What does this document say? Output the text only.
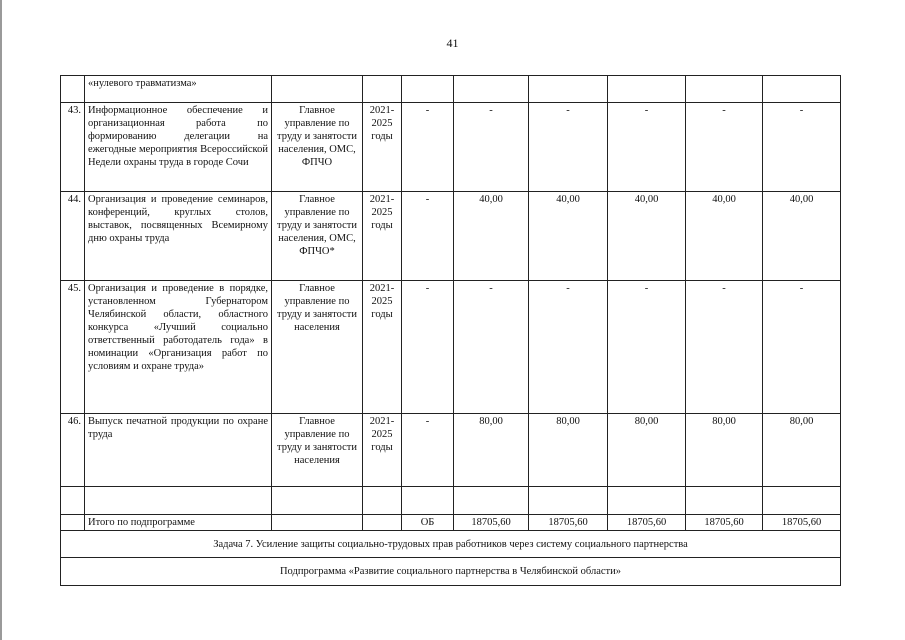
41
	«нулевого травматизма»								
43.	Информационное обеспечение и организационная работа по формированию делегации на ежегодные мероприятия Всероссийской Недели охраны труда в городе Сочи	Главное управление по труду и занятости населения, ОМС, ФПЧО	2021-2025 годы	-	-	-	-	-	-
44.	Организация и проведение семинаров, конференций, круглых столов, выставок, посвященных Всемирному дню охраны труда	Главное управление по труду и занятости населения, ОМС, ФПЧО*	2021-2025 годы	-	40,00	40,00	40,00	40,00	40,00
45.	Организация и проведение в порядке, установленном Губернатором Челябинской области, областного конкурса «Лучший социально ответственный работодатель года» в номинации «Организация работ по условиям и охране труда»	Главное управление по труду и занятости населения	2021-2025 годы	-	-	-	-	-	-
46.	Выпуск печатной продукции по охране труда	Главное управление по труду и занятости населения	2021-2025 годы	-	80,00	80,00	80,00	80,00	80,00

	Итого по подпрограмме			ОБ	18705,60	18705,60	18705,60	18705,60	18705,60
Задача 7. Усиление защиты социально-трудовых прав работников через систему социального партнерства									
Подпрограмма «Развитие социального партнерства в Челябинской области»									
